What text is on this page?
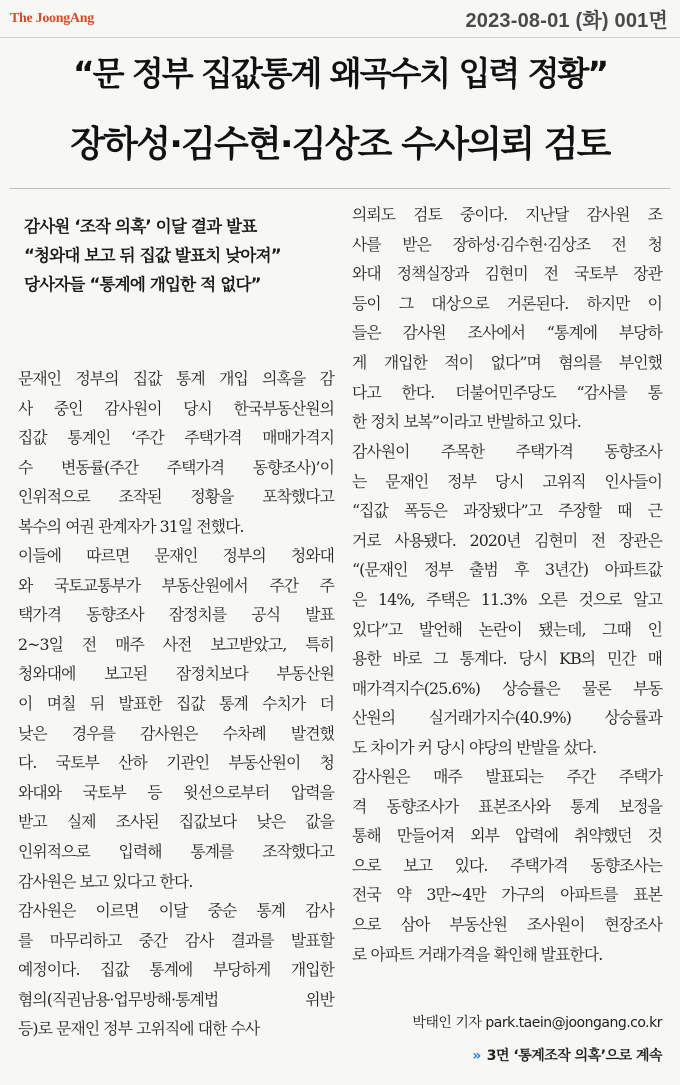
The JoongAng	2023-08-01 (화) 001면
“문 정부 집값통계 왜곡수치 입력 정황”
장하성·김수현·김상조 수사의뢰 검토
감사원 ‘조작 의혹’ 이달 결과 발표
“청와대 보고 뒤 집값 발표치 낮아져”
당사자들 “통계에 개입한 적 없다”
문재인 정부의 집값 통계 개입 의혹을 감
사 중인 감사원이 당시 한국부동산원의
집값 통계인 ‘주간 주택가격 매매가격지
수 변동률(주간 주택가격 동향조사)’이
인위적으로 조작된 정황을 포착했다고
복수의 여권 관계자가 31일 전했다.
이들에 따르면 문재인 정부의 청와대
와 국토교통부가 부동산원에서 주간 주
택가격 동향조사 잠정치를 공식 발표
2~3일 전 매주 사전 보고받았고, 특히
청와대에 보고된 잠정치보다 부동산원
이 며칠 뒤 발표한 집값 통계 수치가 더
낮은 경우를 감사원은 수차례 발견했
다. 국토부 산하 기관인 부동산원이 청
와대와 국토부 등 윗선으로부터 압력을
받고 실제 조사된 집값보다 낮은 값을
인위적으로 입력해 통계를 조작했다고
감사원은 보고 있다고 한다.
감사원은 이르면 이달 중순 통계 감사
를 마무리하고 중간 감사 결과를 발표할
예정이다. 집값 통계에 부당하게 개입한
혐의(직권남용·업무방해·통계법 위반
등)로 문재인 정부 고위직에 대한 수사
의뢰도 검토 중이다. 지난달 감사원 조
사를 받은 장하성·김수현·김상조 전 청
와대 정책실장과 김현미 전 국토부 장관
등이 그 대상으로 거론된다. 하지만 이
들은 감사원 조사에서 “통계에 부당하
게 개입한 적이 없다”며 혐의를 부인했
다고 한다. 더불어민주당도 “감사를 통
한 정치 보복”이라고 반발하고 있다.
감사원이 주목한 주택가격 동향조사
는 문재인 정부 당시 고위직 인사들이
“집값 폭등은 과장됐다”고 주장할 때 근
거로 사용됐다. 2020년 김현미 전 장관은
“(문재인 정부 출범 후 3년간) 아파트값
은 14%, 주택은 11.3% 오른 것으로 알고
있다”고 발언해 논란이 됐는데, 그때 인
용한 바로 그 통계다. 당시 KB의 민간 매
매가격지수(25.6%) 상승률은 물론 부동
산원의 실거래가지수(40.9%) 상승률과
도 차이가 커 당시 야당의 반발을 샀다.
감사원은 매주 발표되는 주간 주택가
격 동향조사가 표본조사와 통계 보정을
통해 만들어져 외부 압력에 취약했던 것
으로 보고 있다. 주택가격 동향조사는
전국 약 3만~4만 가구의 아파트를 표본
으로 삼아 부동산원 조사원이 현장조사
로 아파트 거래가격을 확인해 발표한다.
박태인 기자 park.taein@joongang.co.kr
» 3면 ‘통계조작 의혹’으로 계속
